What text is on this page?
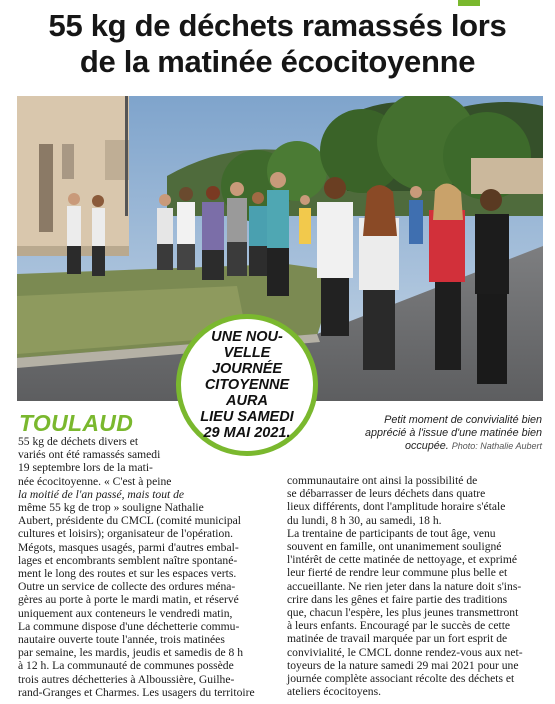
55 kg de déchets ramassés lors
de la matinée écocitoyenne
UNE NOU-
VELLE JOURNÉE
CITOYENNE AURA
LIEU SAMEDI
29 MAI 2021.
TOULAUD	Petit moment de convivialité bien
apprécié à l'issue d'une matinée bien
occupée. Photo: Nathalie Aubert
55 kg de déchets divers et
variés ont été ramassés samedi
19 septembre lors de la mati-
née écocitoyenne. « C'est à peine
la moitié de l'an passé, mais tout de
même 55 kg de trop » souligne Nathalie
Aubert, présidente du CMCL (comité municipal
cultures et loisirs); organisateur de l'opération.
Mégots, masques usagés, parmi d'autres embal-
lages et encombrants semblent naître spontané-
ment le long des routes et sur les espaces verts.
Outre un service de collecte des ordures ména-
gères au porte à porte le mardi matin, et réservé
uniquement aux conteneurs le vendredi matin,
La commune dispose d'une déchetterie commu-
nautaire ouverte toute l'année, trois matinées
par semaine, les mardis, jeudis et samedis de 8 h
à 12 h. La communauté de communes possède
trois autres déchetteries à Alboussière, Guilhe-
rand-Granges et Charmes. Les usagers du territoire
communautaire ont ainsi la possibilité de
se débarrasser de leurs déchets dans quatre
lieux différents, dont l'amplitude horaire s'étale
du lundi, 8 h 30, au samedi, 18 h.
La trentaine de participants de tout âge, venu
souvent en famille, ont unanimement souligné
l'intérêt de cette matinée de nettoyage, et exprimé
leur fierté de rendre leur commune plus belle et
accueillante. Ne rien jeter dans la nature doit s'ins-
crire dans les gênes et faire partie des traditions
que, chacun l'espère, les plus jeunes transmettront
à leurs enfants. Encouragé par le succès de cette
matinée de travail marquée par un fort esprit de
convivialité, le CMCL donne rendez-vous aux net-
toyeurs de la nature samedi 29 mai 2021 pour une
journée complète associant récolte des déchets et
ateliers écocitoyens.
